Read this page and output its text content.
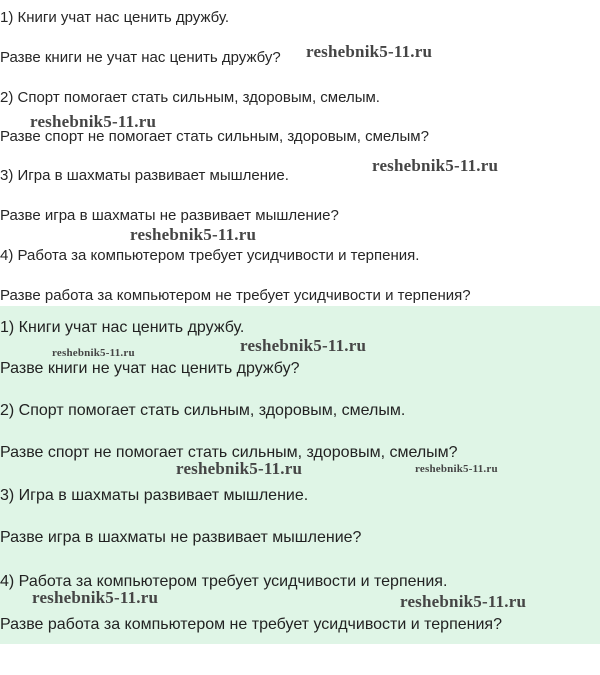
1) Книги учат нас ценить дружбу.
Разве книги не учат нас ценить дружбу?
2) Спорт помогает стать сильным, здоровым, смелым.
Разве спорт не помогает стать сильным, здоровым, смелым?
3) Игра в шахматы развивает мышление.
Разве игра в шахматы не развивает мышление?
4) Работа за компьютером требует усидчивости и терпения.
Разве работа за компьютером не требует усидчивости и терпения?
reshebnik5-11.ru
reshebnik5-11.ru
reshebnik5-11.ru
reshebnik5-11.ru
1) Книги учат нас ценить дружбу.
Разве книги не учат нас ценить дружбу?
2) Спорт помогает стать сильным, здоровым, смелым.
Разве спорт не помогает стать сильным, здоровым, смелым?
3) Игра в шахматы развивает мышление.
Разве игра в шахматы не развивает мышление?
4) Работа за компьютером требует усидчивости и терпения.
Разве работа за компьютером не требует усидчивости и терпения?
reshebnik5-11.ru
reshebnik5-11.ru
reshebnik5-11.ru	reshebnik5-11.ru
reshebnik5-11.ru	reshebnik5-11.ru
